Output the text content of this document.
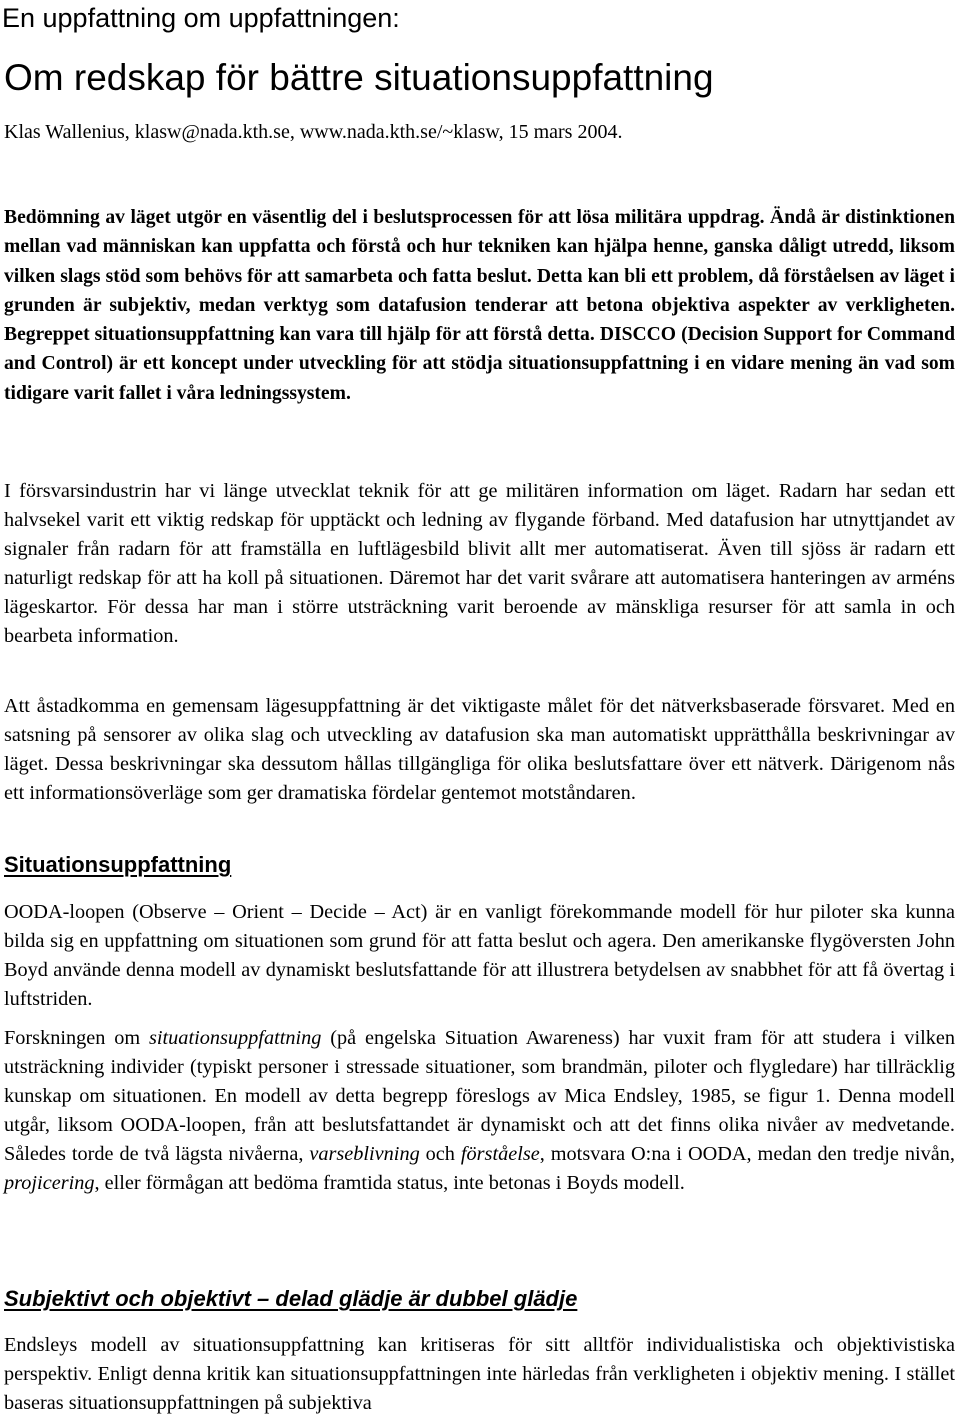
En uppfattning om uppfattningen:
Om redskap för bättre situationsuppfattning

Klas Wallenius, klasw@nada.kth.se, www.nada.kth.se/~klasw, 15 mars 2004.

Bedömning av läget utgör en väsentlig del i beslutsprocessen för att lösa militära uppdrag. Ändå är distinktionen mellan vad människan kan uppfatta och förstå och hur tekniken kan hjälpa henne, ganska dåligt utredd, liksom vilken slags stöd som behövs för att samarbeta och fatta beslut. Detta kan bli ett problem, då förståelsen av läget i grunden är subjektiv, medan verktyg som datafusion tenderar att betona objektiva aspekter av verkligheten. Begreppet situationsuppfattning kan vara till hjälp för att förstå detta. DISCCO (Decision Support for Command and Control) är ett koncept under utveckling för att stödja situationsuppfattning i en vidare mening än vad som tidigare varit fallet i våra ledningssystem.

I försvarsindustrin har vi länge utvecklat teknik för att ge militären information om läget. Radarn har sedan ett halvsekel varit ett viktig redskap för upptäckt och ledning av flygande förband. Med datafusion har utnyttjandet av signaler från radarn för att framställa en luftlägesbild blivit allt mer automatiserat. Även till sjöss är radarn ett naturligt redskap för att ha koll på situationen. Däremot har det varit svårare att automatisera hanteringen av arméns lägeskartor. För dessa har man i större utsträckning varit beroende av mänskliga resurser för att samla in och bearbeta information.

Att åstadkomma en gemensam lägesuppfattning är det viktigaste målet för det nätverksbaserade försvaret. Med en satsning på sensorer av olika slag och utveckling av datafusion ska man automatiskt upprätthålla beskrivningar av läget. Dessa beskrivningar ska dessutom hållas tillgängliga för olika beslutsfattare över ett nätverk. Därigenom nås ett informationsöverläge som ger dramatiska fördelar gentemot motståndaren.

Situationsuppfattning

OODA-loopen (Observe – Orient – Decide – Act) är en vanligt förekommande modell för hur piloter ska kunna bilda sig en uppfattning om situationen som grund för att fatta beslut och agera. Den amerikanske flygöversten John Boyd använde denna modell av dynamiskt beslutsfattande för att illustrera betydelsen av snabbhet för att få övertag i luftstriden.

Forskningen om situationsuppfattning (på engelska Situation Awareness) har vuxit fram för att studera i vilken utsträckning individer (typiskt personer i stressade situationer, som brandmän, piloter och flygledare) har tillräcklig kunskap om situationen. En modell av detta begrepp föreslogs av Mica Endsley, 1985, se figur 1. Denna modell utgår, liksom OODA-loopen, från att beslutsfattandet är dynamiskt och att det finns olika nivåer av medvetande. Således torde de två lägsta nivåerna, varseblivning och förståelse, motsvara O:na i OODA, medan den tredje nivån, projicering, eller förmågan att bedöma framtida status, inte betonas i Boyds modell.

Subjektivt och objektivt – delad glädje är dubbel glädje

Endsleys modell av situationsuppfattning kan kritiseras för sitt alltför individualistiska och objektivistiska perspektiv. Enligt denna kritik kan situationsuppfattningen inte härledas från verkligheten i objektiv mening. I stället baseras situationsuppfattningen på subjektiva
